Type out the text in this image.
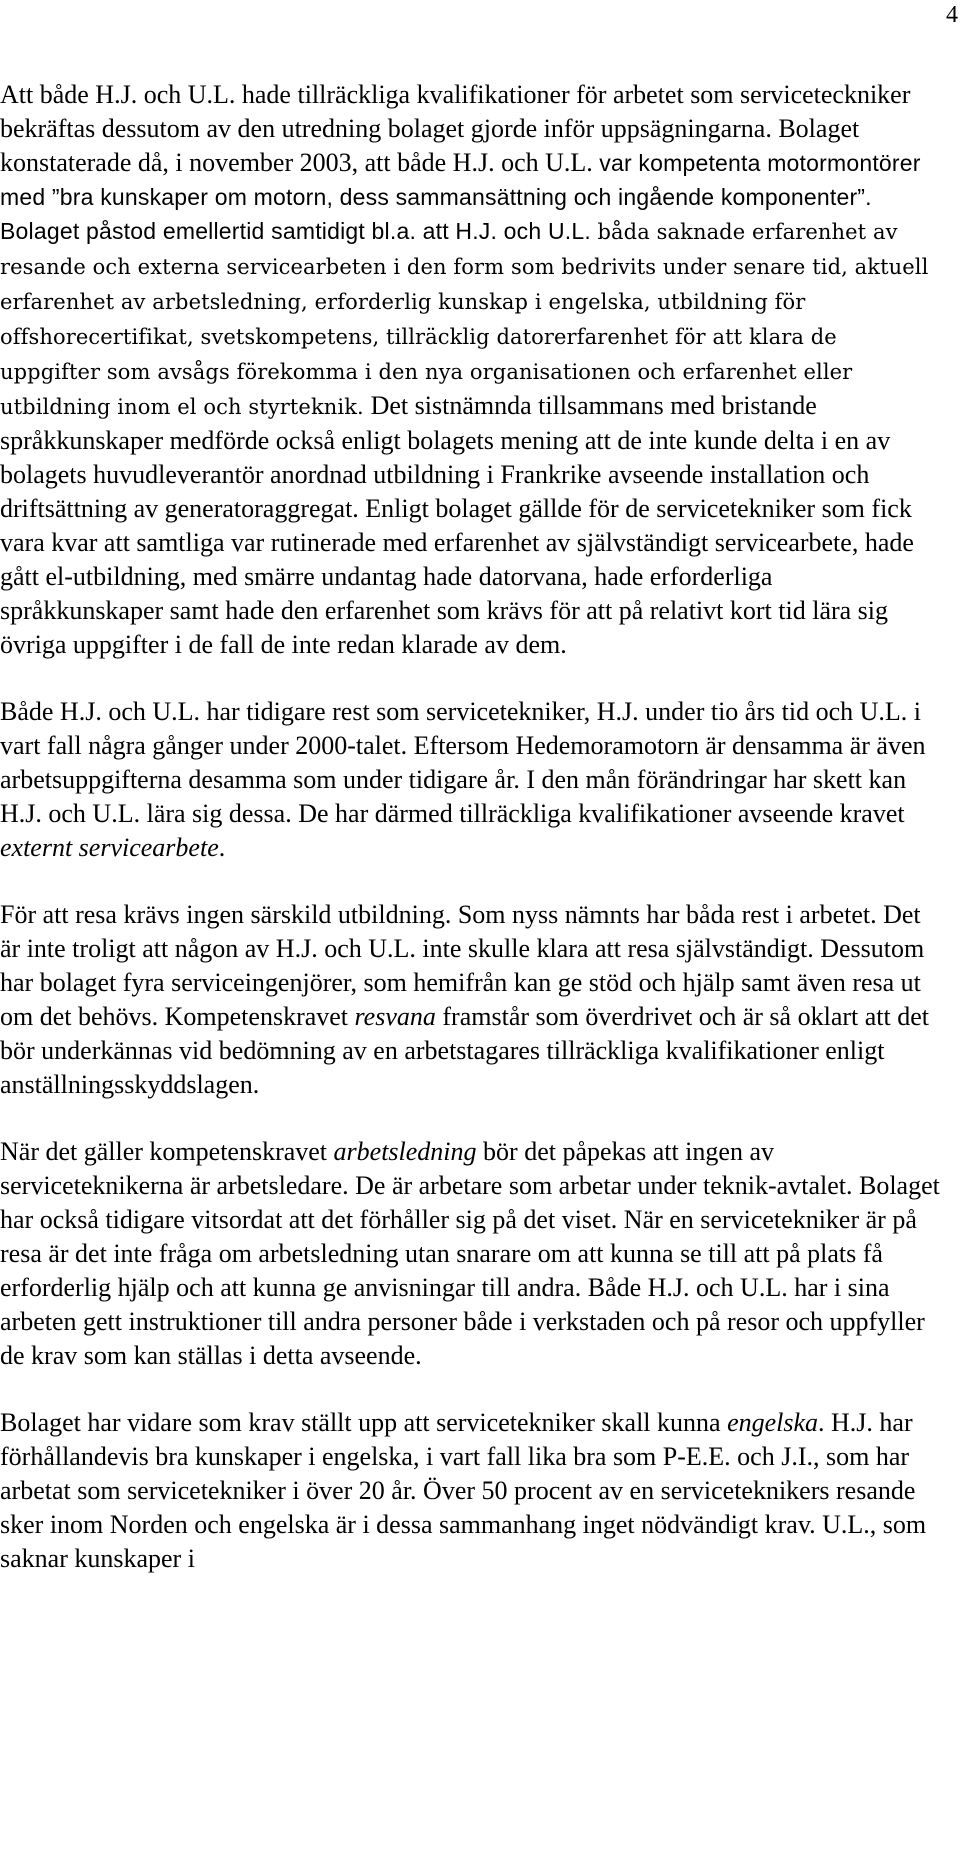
4

Att både H.J. och U.L. hade tillräckliga kvalifikationer för arbetet som serviceteckniker bekräftas dessutom av den utredning bolaget gjorde inför uppsägningarna. Bolaget konstaterade då, i november 2003, att både H.J. och U.L. var kompetenta motormontörer med ”bra kunskaper om motorn, dess sammansättning och ingående komponenter”. Bolaget påstod emellertid samtidigt bl.a. att H.J. och U.L. båda saknade erfarenhet av resande och externa servicearbeten i den form som bedrivits under senare tid, aktuell erfarenhet av arbetsledning, erforderlig kunskap i engelska, utbildning för offshorecertifikat, svetskompetens, tillräcklig datorerfarenhet för att klara de uppgifter som avsågs förekomma i den nya organisationen och erfarenhet eller utbildning inom el och styrteknik. Det sistnämnda tillsammans med bristande språkkunskaper medförde också enligt bolagets mening att de inte kunde delta i en av bolagets huvudleverantör anordnad utbildning i Frankrike avseende installation och driftsättning av generatoraggregat. Enligt bolaget gällde för de servicetekniker som fick vara kvar att samtliga var rutinerade med erfarenhet av självständigt servicearbete, hade gått el-utbildning, med smärre undantag hade datorvana, hade erforderliga språkkunskaper samt hade den erfarenhet som krävs för att på relativt kort tid lära sig övriga uppgifter i de fall de inte redan klarade av dem.

Både H.J. och U.L. har tidigare rest som servicetekniker, H.J. under tio års tid och U.L. i vart fall några gånger under 2000-talet. Eftersom Hedemoramotorn är densamma är även arbetsuppgifterna desamma som under tidigare år. I den mån förändringar har skett kan H.J. och U.L. lära sig dessa. De har därmed tillräckliga kvalifikationer avseende kravet externt servicearbete.

För att resa krävs ingen särskild utbildning. Som nyss nämnts har båda rest i arbetet. Det är inte troligt att någon av H.J. och U.L. inte skulle klara att resa självständigt. Dessutom har bolaget fyra serviceingenjörer, som hemifrån kan ge stöd och hjälp samt även resa ut om det behövs. Kompetenskravet resvana framstår som överdrivet och är så oklart att det bör underkännas vid bedömning av en arbetstagares tillräckliga kvalifikationer enligt anställningsskyddslagen.

När det gäller kompetenskravet arbetsledning bör det påpekas att ingen av serviceteknikerna är arbetsledare. De är arbetare som arbetar under teknik-avtalet. Bolaget har också tidigare vitsordat att det förhåller sig på det viset. När en servicetekniker är på resa är det inte fråga om arbetsledning utan snarare om att kunna se till att på plats få erforderlig hjälp och att kunna ge anvisningar till andra. Både H.J. och U.L. har i sina arbeten gett instruktioner till andra personer både i verkstaden och på resor och uppfyller de krav som kan ställas i detta avseende.

Bolaget har vidare som krav ställt upp att servicetekniker skall kunna engelska. H.J. har förhållandevis bra kunskaper i engelska, i vart fall lika bra som P-E.E. och J.I., som har arbetat som servicetekniker i över 20 år. Över 50 procent av en serviceteknikers resande sker inom Norden och engelska är i dessa sammanhang inget nödvändigt krav. U.L., som saknar kunskaper i
